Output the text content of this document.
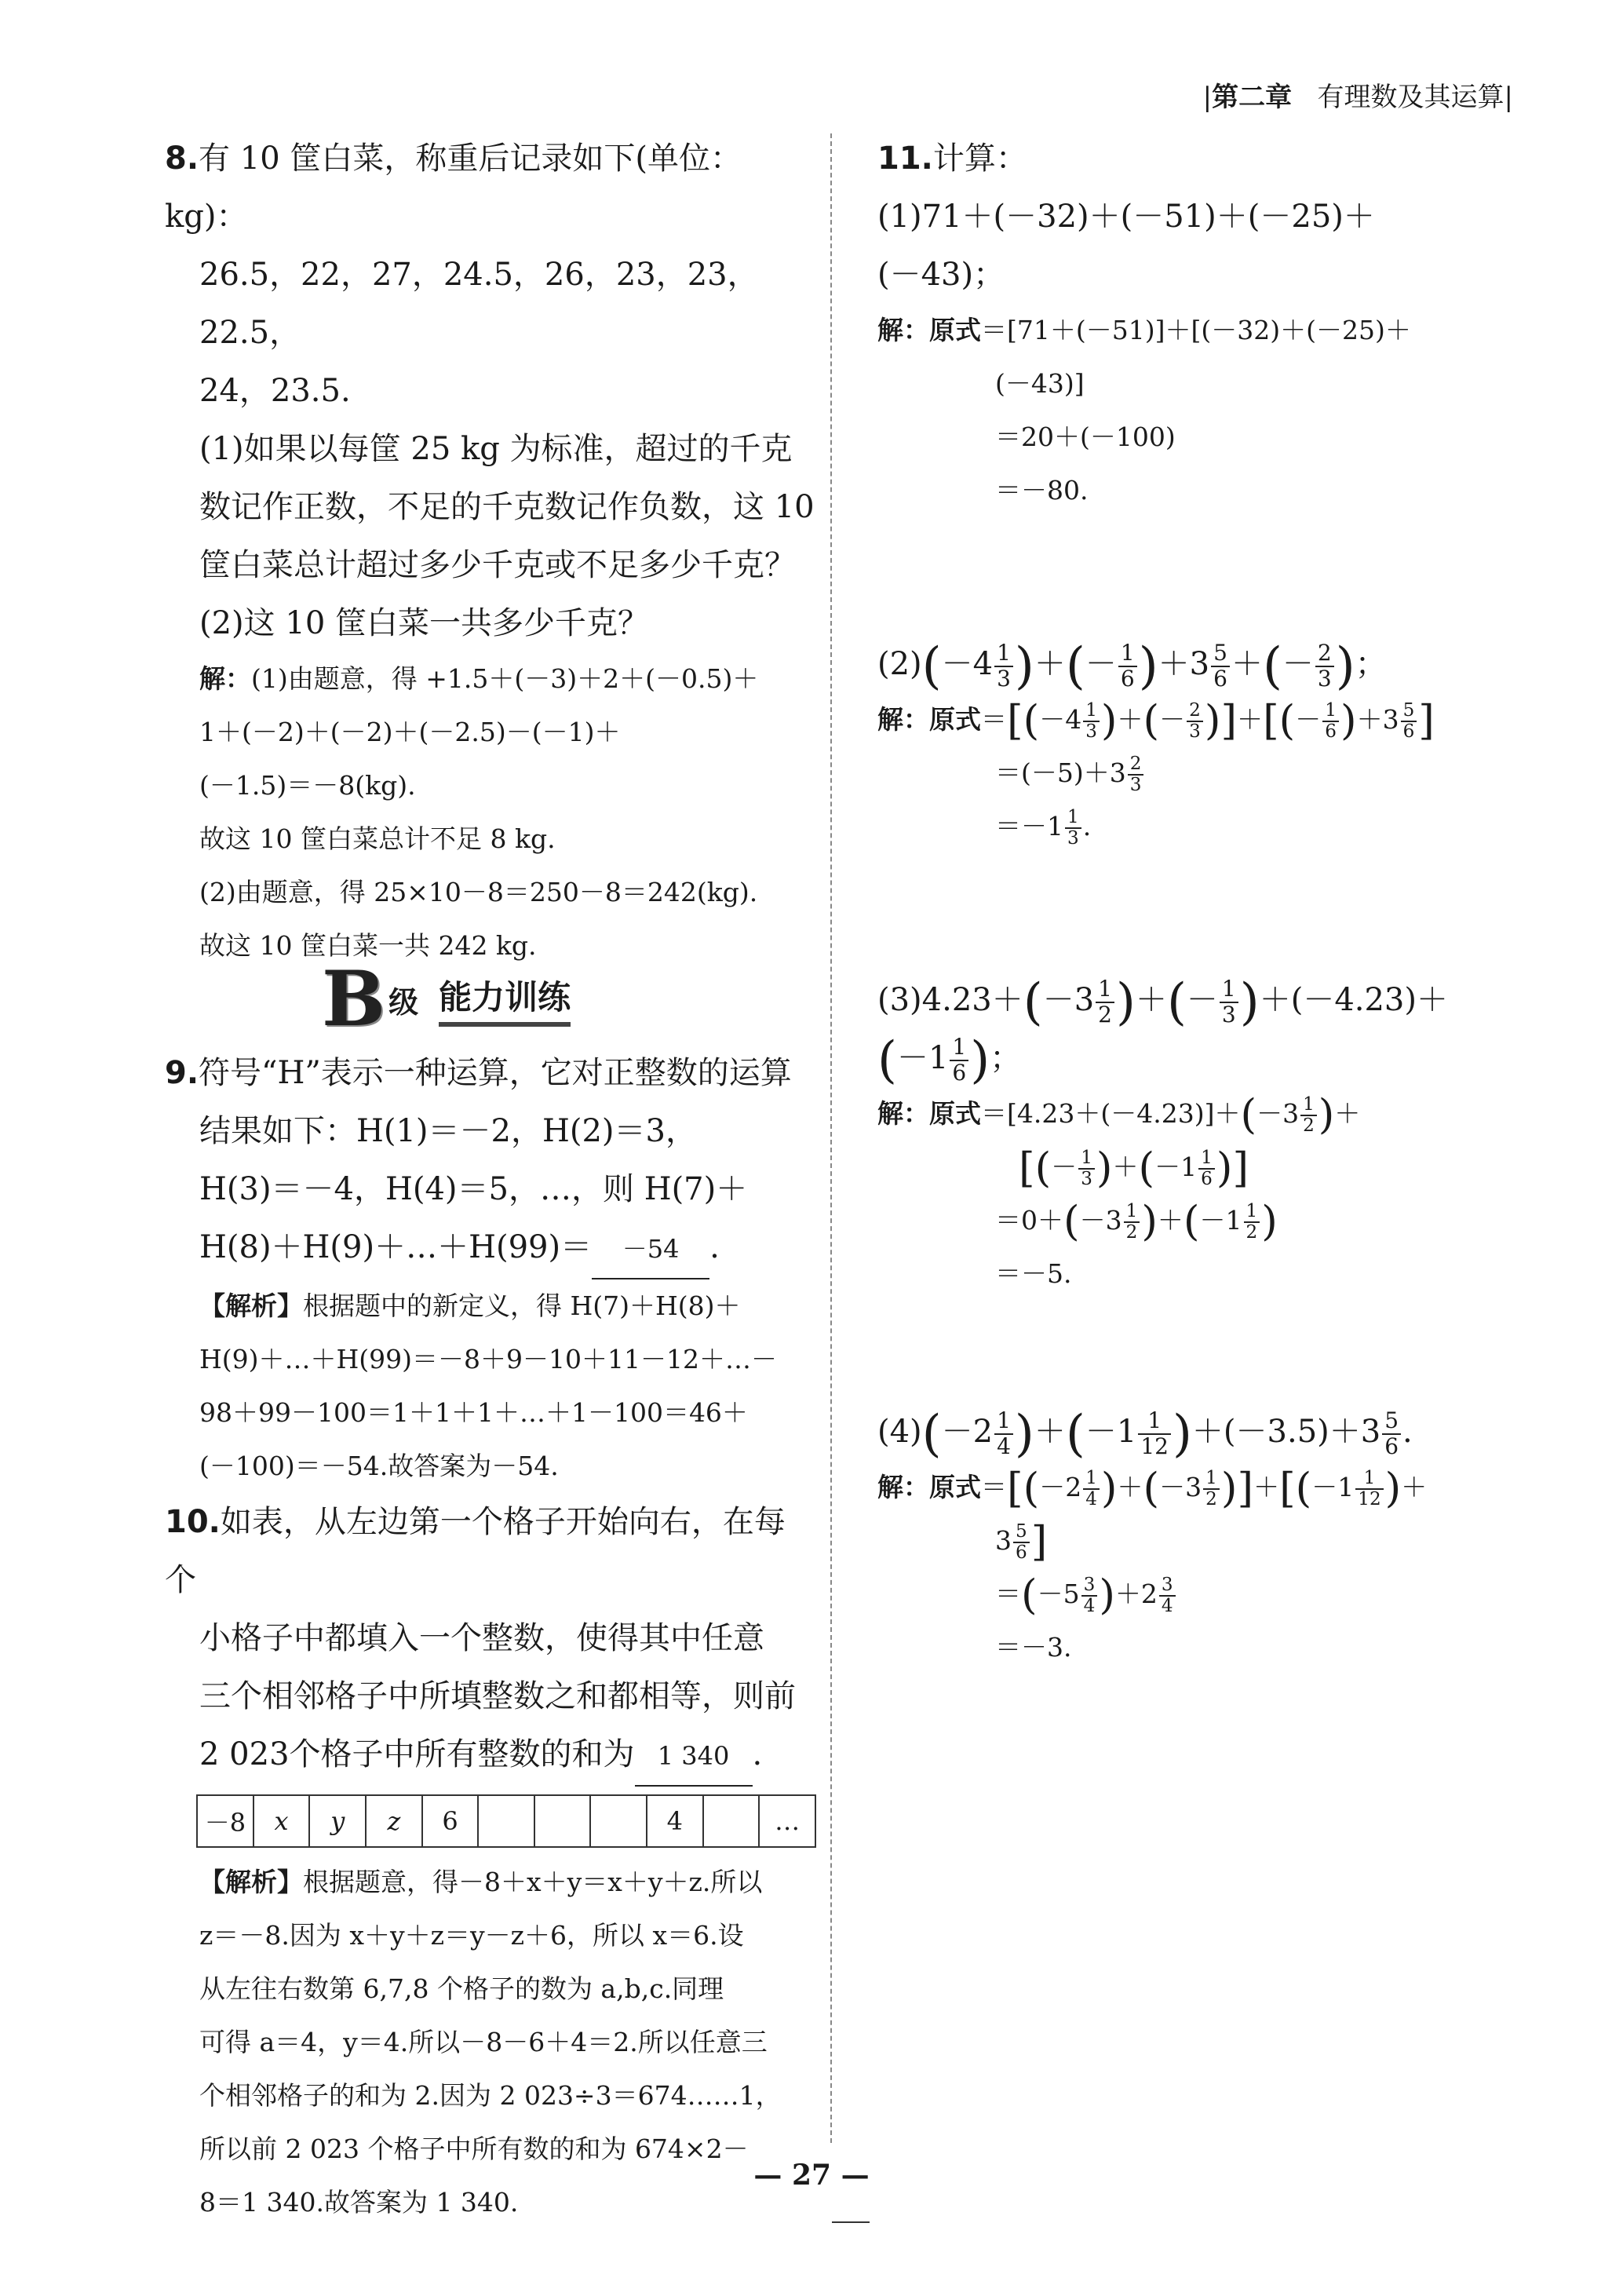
|第二章 有理数及其运算|

8.有 10 筐白菜，称重后记录如下(单位：kg)：

26.5，22，27，24.5，26，23，23，22.5，

24，23.5.

(1)如果以每筐 25 kg 为标准，超过的千克

数记作正数，不足的千克数记作负数，这 10

筐白菜总计超过多少千克或不足多少千克？

(2)这 10 筐白菜一共多少千克？

解：(1)由题意，得 +1.5＋(－3)＋2＋(－0.5)＋

1＋(－2)＋(－2)＋(－2.5)－(－1)＋

(－1.5)＝－8(kg).

故这 10 筐白菜总计不足 8 kg.

(2)由题意，得 25×10－8＝250－8＝242(kg).

故这 10 筐白菜一共 242 kg.

B 级 能力训练

9.符号“H”表示一种运算，它对正整数的运算

结果如下：H(1)＝－2，H(2)＝3，

H(3)＝－4，H(4)＝5，…，则 H(7)＋

H(8)＋H(9)＋…＋H(99)＝ －54 .

【解析】根据题中的新定义，得 H(7)＋H(8)＋

H(9)＋…＋H(99)＝－8＋9－10＋11－12＋…－

98＋99－100＝1＋1＋1＋…＋1－100＝46＋

(－100)＝－54.故答案为－54.

10.如表，从左边第一个格子开始向右，在每个

小格子中都填入一个整数，使得其中任意

三个相邻格子中所填整数之和都相等，则前

2 023个格子中所有整数的和为 1 340 .

－8	x	y	z	6				4		…

【解析】根据题意，得－8＋x＋y＝x＋y＋z.所以

z＝－8.因为 x＋y＋z＝y－z＋6，所以 x＝6.设

从左往右数第 6,7,8 个格子的数为 a,b,c.同理

可得 a＝4，y＝4.所以－8－6＋4＝2.所以任意三

个相邻格子的和为 2.因为 2 023÷3＝674……1，

所以前 2 023 个格子中所有数的和为 674×2－

8＝1 340.故答案为 1 340.

11.计算：

(1)71＋(－32)＋(－51)＋(－25)＋

(－43)；

解：原式＝[71＋(－51)]＋[(－32)＋(－25)＋

(－43)]

＝20＋(－100)

＝－80.

$(2)(-4 \frac{1}{3}$ )＋(－ $\frac{1}{6} )+3 \frac{5}{6}$ ＋(－ $\frac{2}{3}$ )；

解：原式$=[(-4 \frac{1}{3}$ )＋(－ $\frac{2}{3}$ )]＋[(－ $\frac{1}{6} )+3 \frac{5}{6}$ ]

$=(-5)+3 \frac{2}{3}$

$=-1 \frac{1}{3}$ .

$(3)4.23+(-3 \frac{1}{2}$ )＋(－ $\frac{1}{3} )+(-4.23)+$

($-1 \frac{1}{6}$ )；

解：原式$=[4.23+(-4.23)]+(-3 \frac{1}{2}$ )＋

[(－ $\frac{1}{3} )+(-1 \frac{1}{6}$ )]

$=0+(-3 \frac{1}{2} )+(-1 \frac{1}{2}$ )

＝－5.

$(4)(-2 \frac{1}{4} )+(-1 \frac{1}{12} )+(-3.5)+3 \frac{5}{6}$ .

解：原式$=[(-2 \frac{1}{4} )+(-3 \frac{1}{2} )]+[(-1 \frac{1}{12}$ )＋

$3 \frac{5}{6}$ ]

$=(-5 \frac{3}{4} )+2 \frac{3}{4}$

＝－3.

— 27 —
